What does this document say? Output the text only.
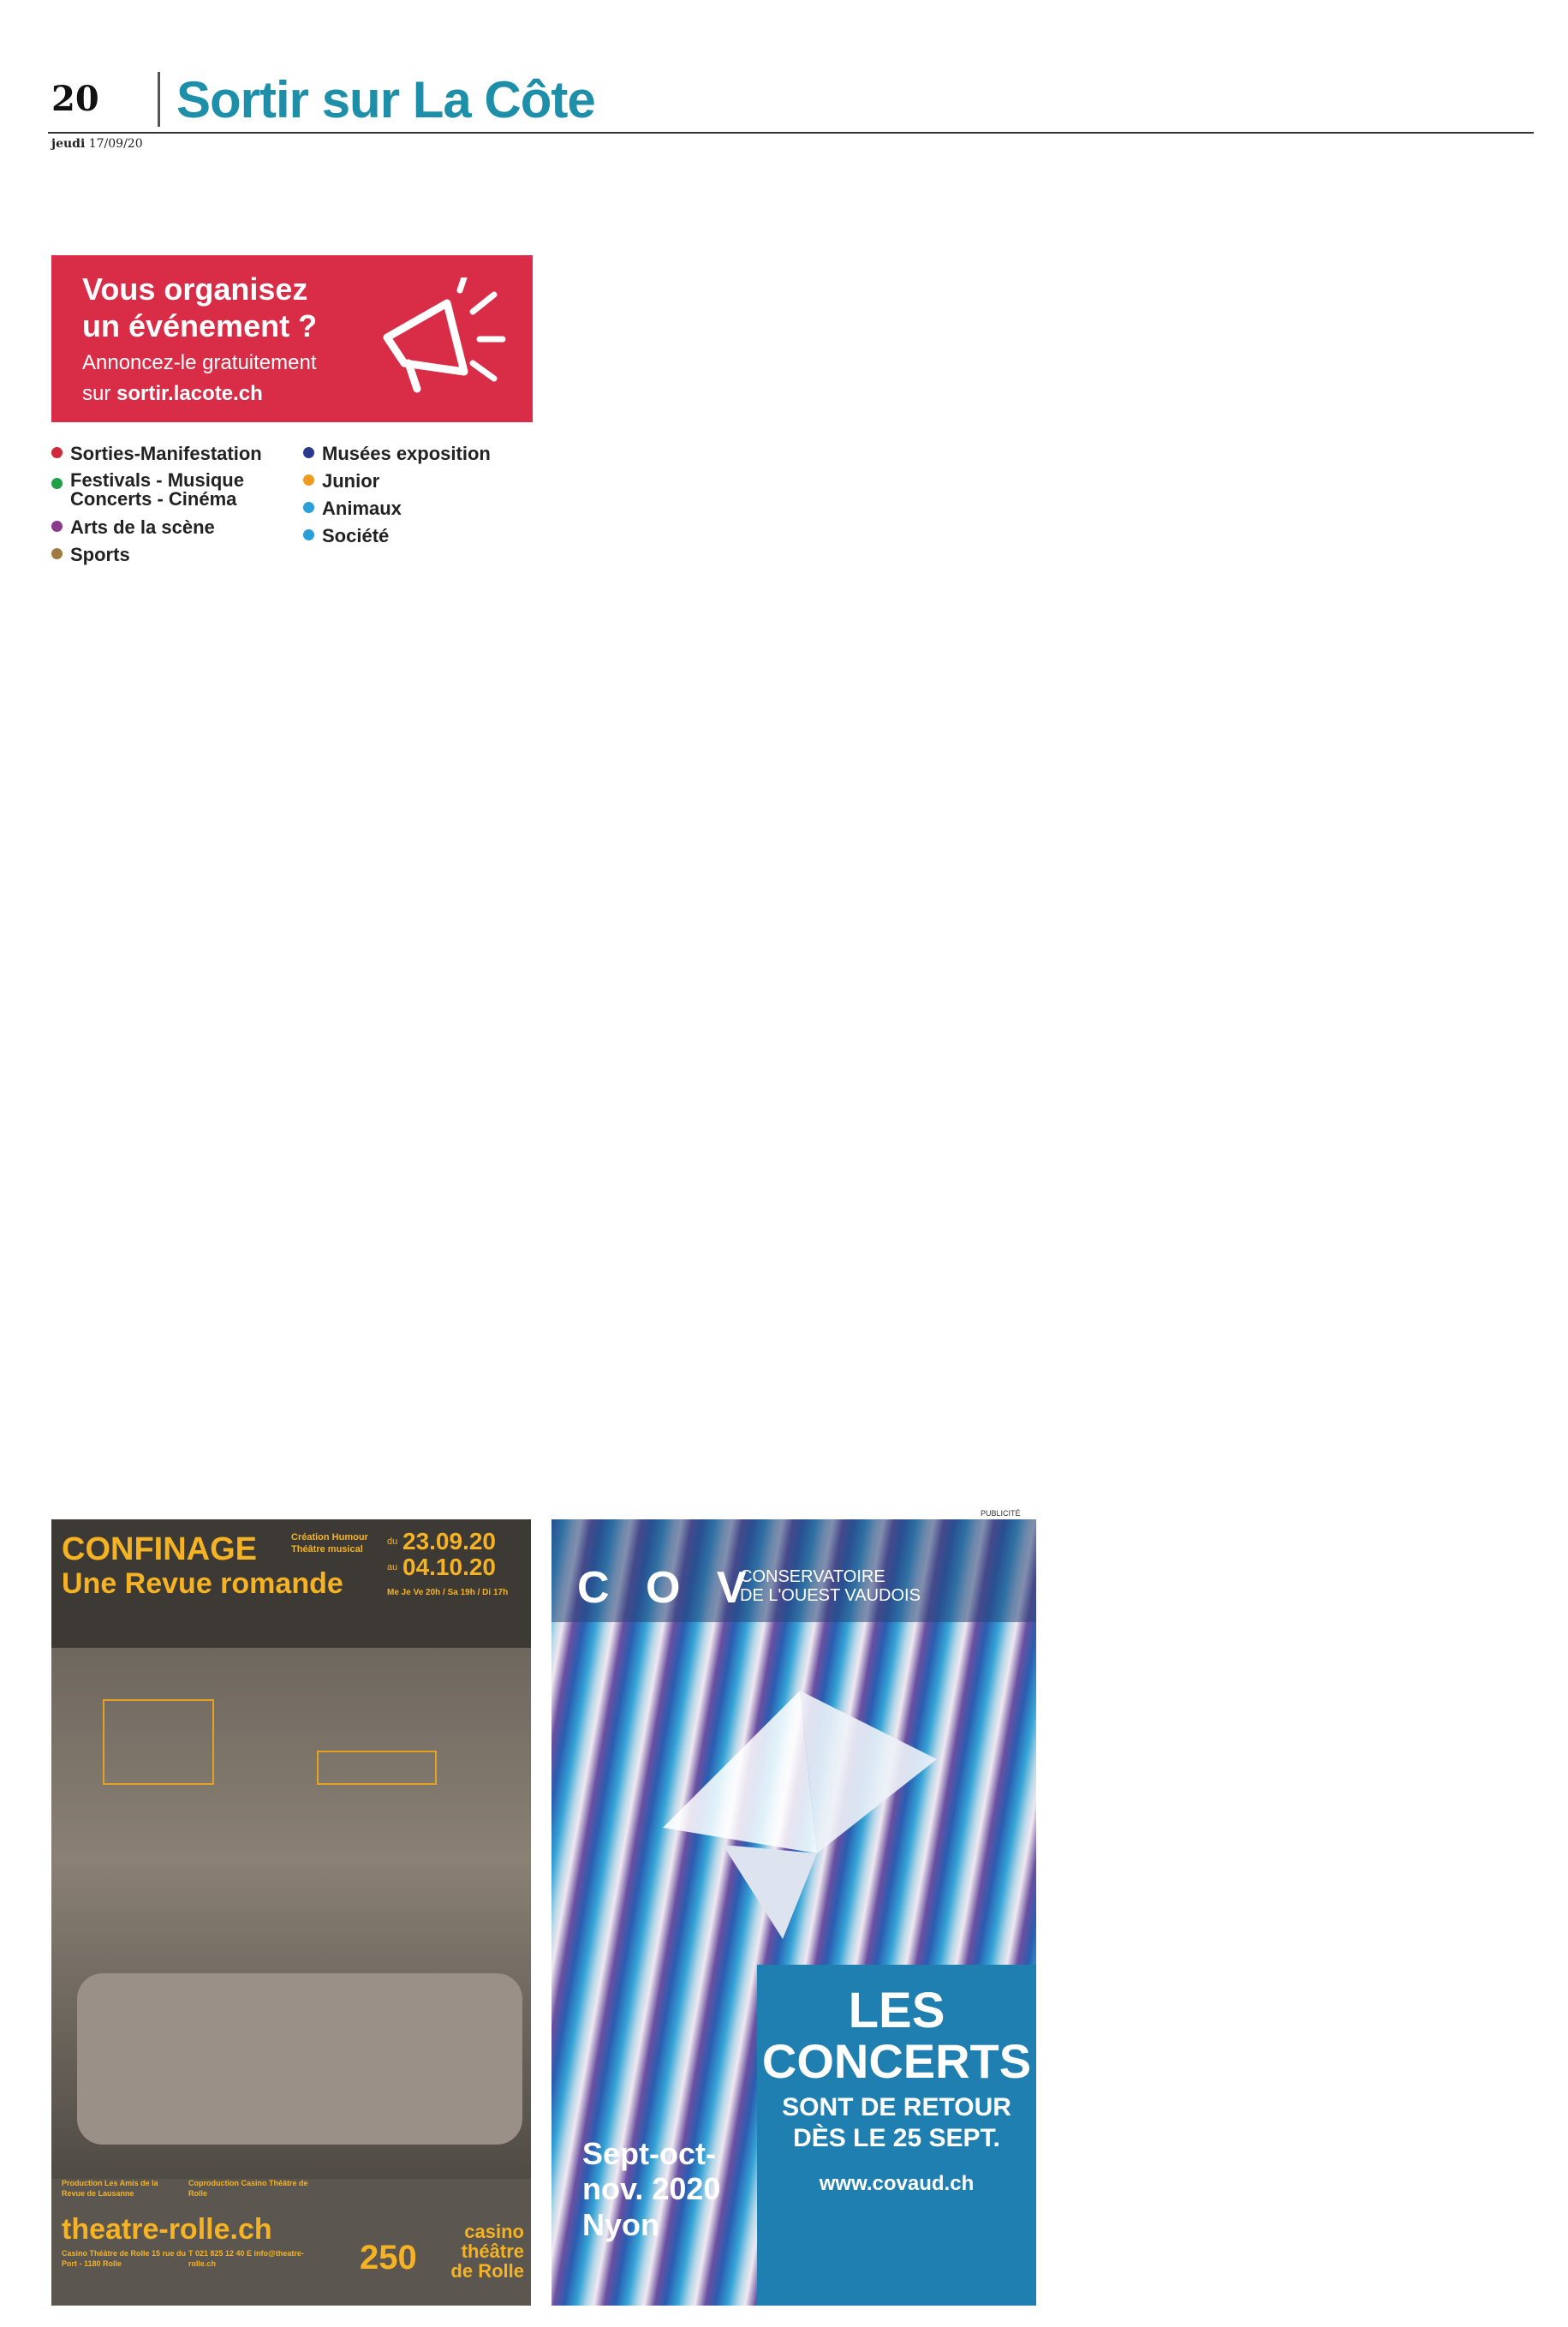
20 Sortir sur La Côte
jeudi 17/09/20
Vous organisez
un événement ?

Annoncez-le gratuitement
sur sortir.lacote.ch

Sorties-Manifestation
Festivals - Musique Concerts - Cinéma
Arts de la scène
Sports
Musées exposition
Junior
Animaux
Société
PUBLICITÉ
CONFINAGE
Une Revue romande
Création Humour Théâtre musical
du 23.09.20
au 04.10.20
Me Je Ve 20h / Sa 19h / Di 17h
Production Les Amis de la Revue de Lausanne
Coproduction Casino Théâtre de Rolle
theatre-rolle.ch
Casino Théâtre de Rolle 15 rue du Port - 1180 Rolle
T 021 825 12 40 E info@theatre-rolle.ch	250
casino
théâtre
de Rolle
C O V
CONSERVATOIRE
DE L'OUEST VAUDOIS
LES
CONCERTS
SONT DE RETOUR
DÈS LE 25 SEPT.
www.covaud.ch
Sept-oct-
nov. 2020
Nyon
